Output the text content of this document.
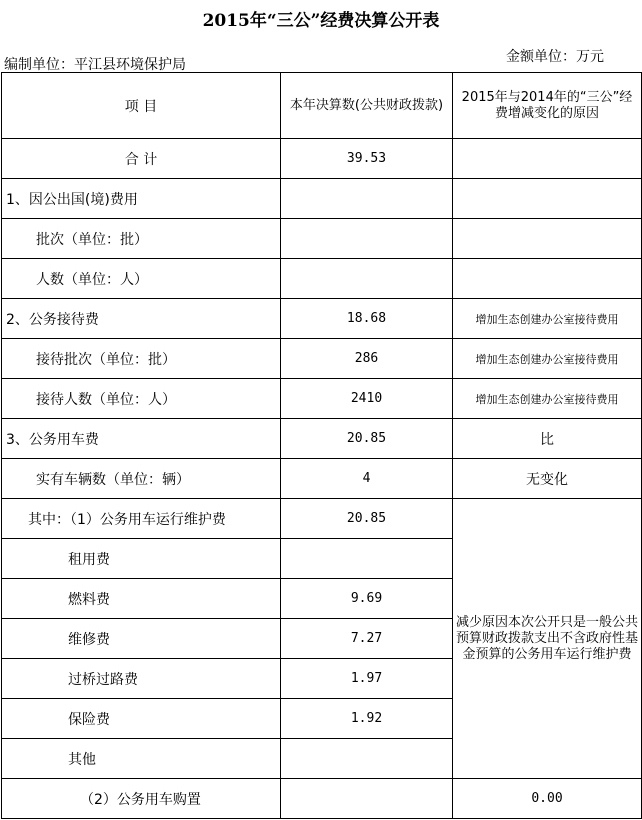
2015年“三公”经费决算公开表
金额单位：万元
编制单位：平江县环境保护局
项 目	本年决算数(公共财政拨款)	2015年与2014年的“三公”经费增减变化的原因
合 计	39.53	
1、因公出国(境)费用		
批次（单位：批）		
人数（单位：人）		
2、公务接待费	18.68	增加生态创建办公室接待费用
接待批次（单位：批）	286	增加生态创建办公室接待费用
接待人数（单位：人）	2410	增加生态创建办公室接待费用
3、公务用车费	20.85	比
实有车辆数（单位：辆）	4	无变化
其中：（1）公务用车运行维护费	20.85	减少原因本次公开只是一般公共预算财政拨款支出不含政府性基金预算的公务用车运行维护费
租用费		
燃料费	9.69	
维修费	7.27	
过桥过路费	1.97	
保险费	1.92	
其他		
（2）公务用车购置		0.00
